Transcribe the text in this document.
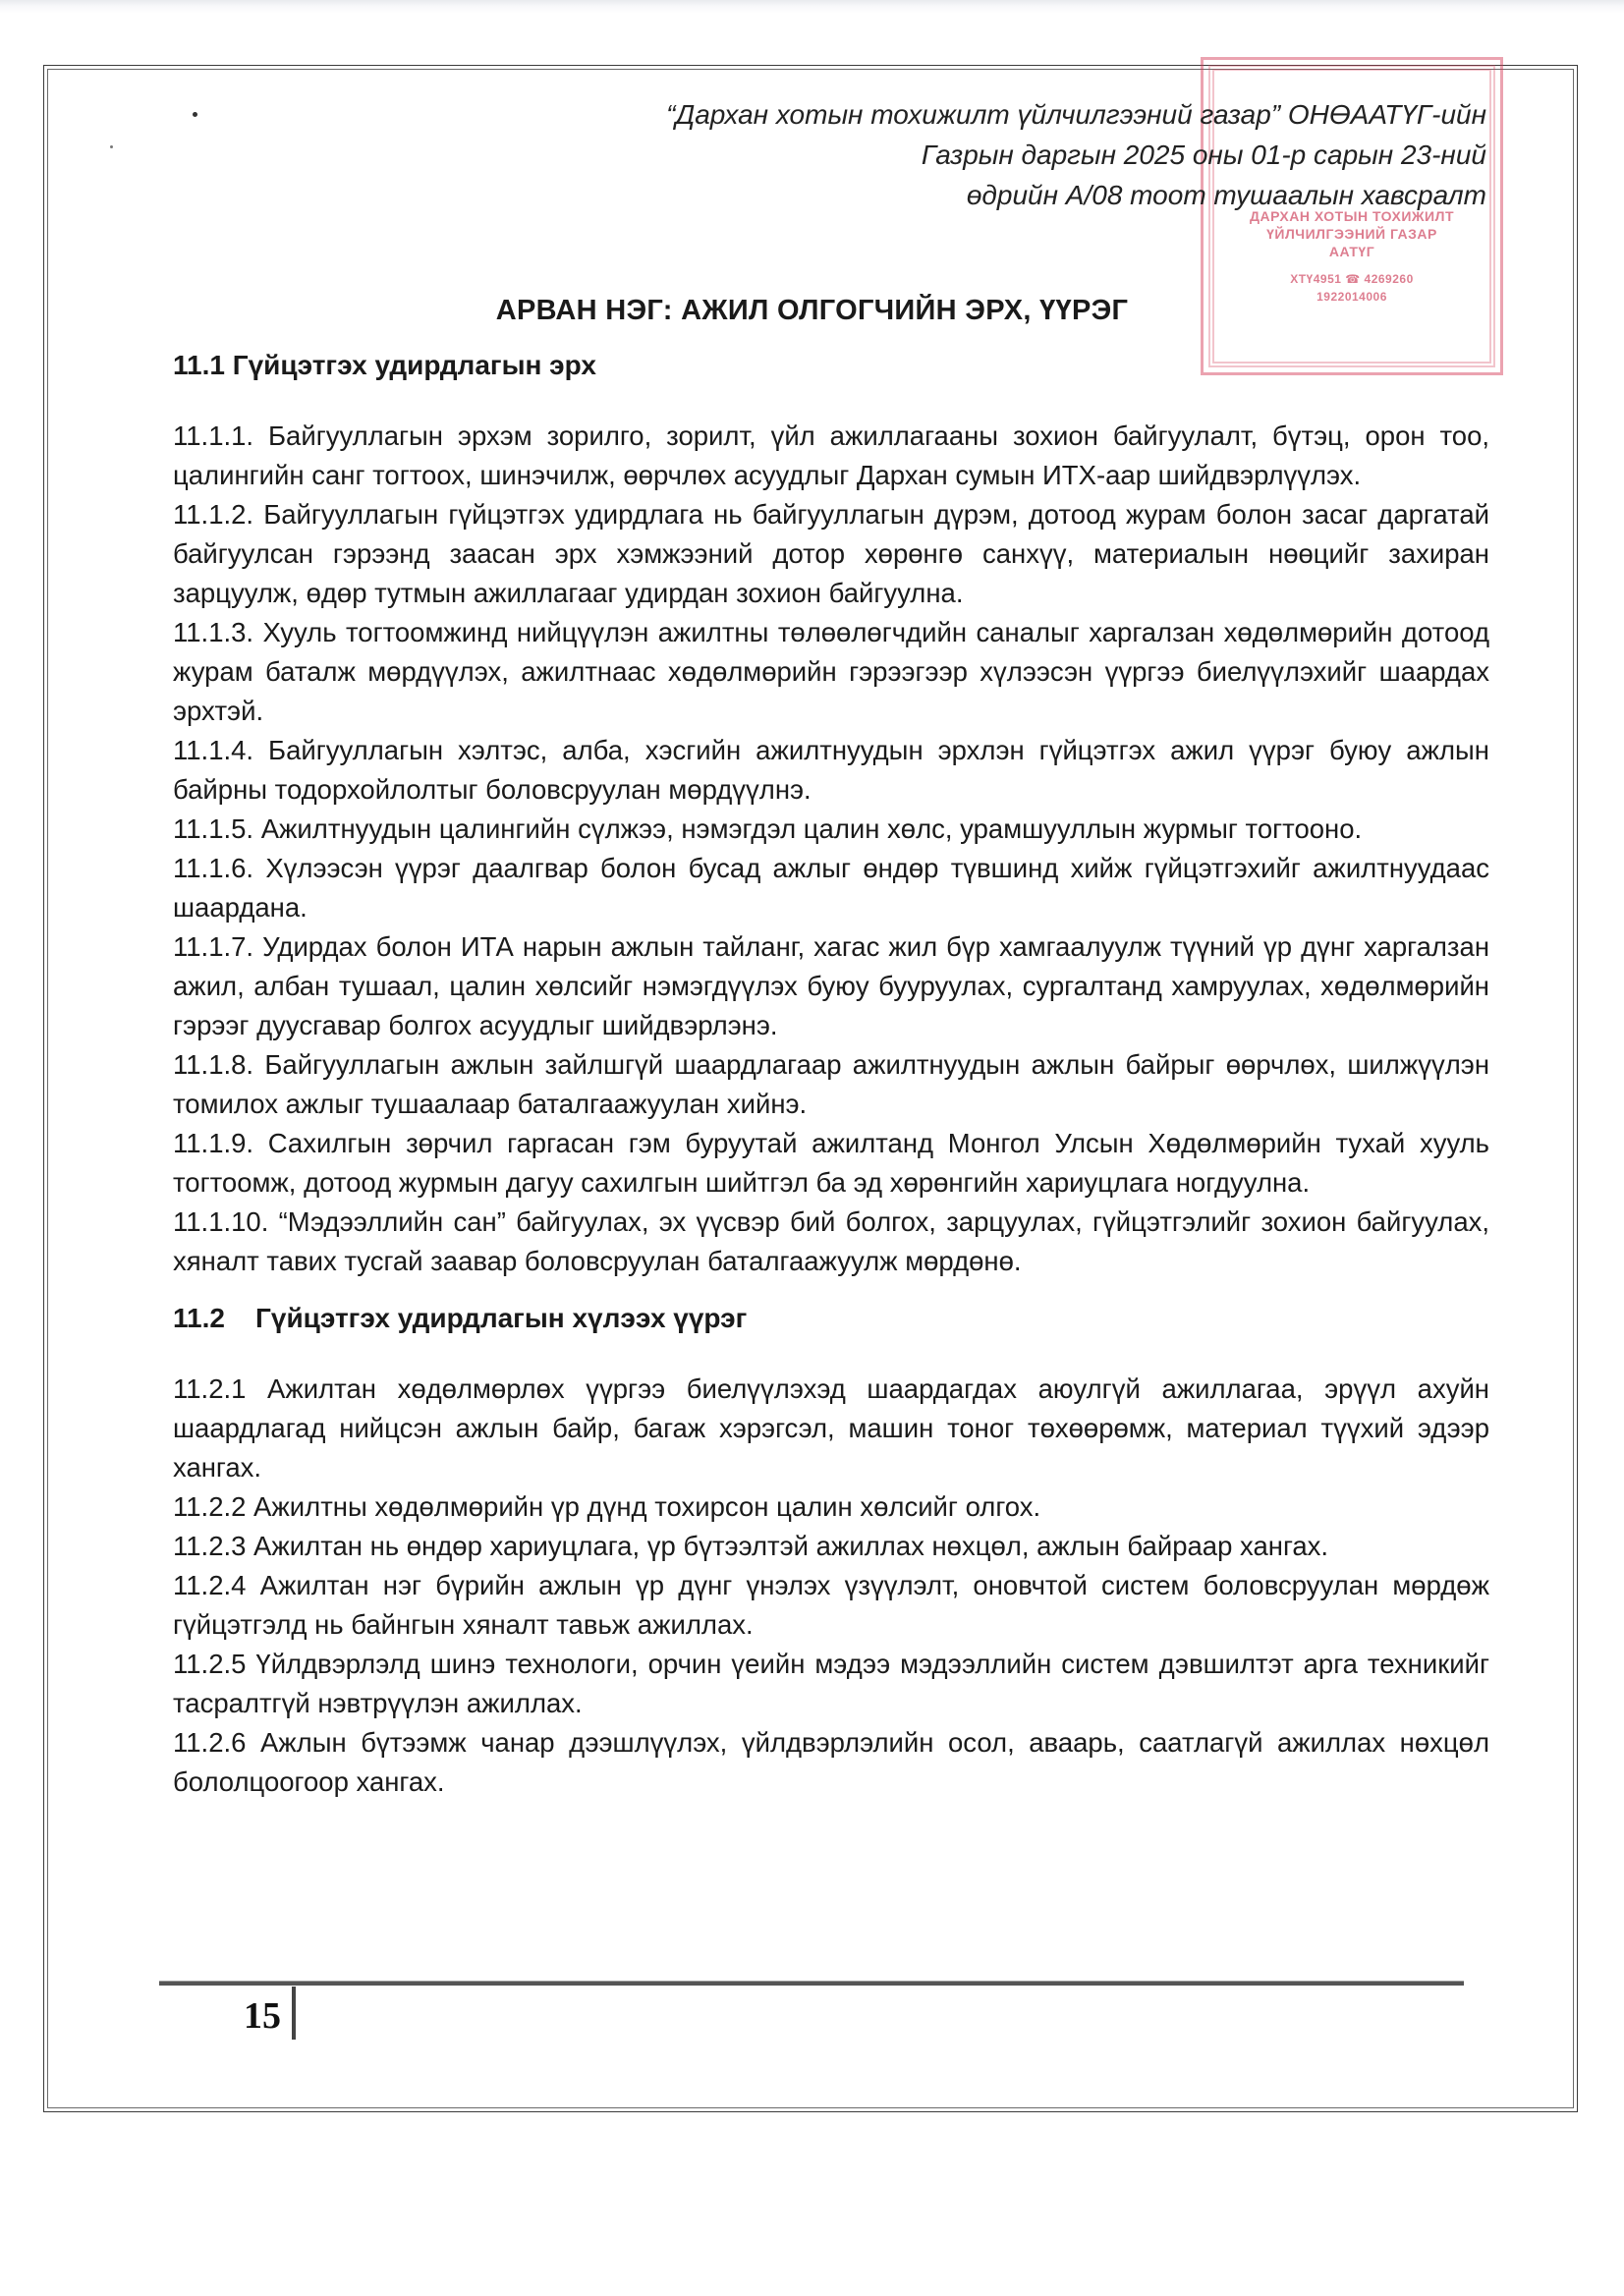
ДАРХАН ХОТЫН ТОХИЖИЛТ
ҮЙЛЧИЛГЭЭНИЙ ГАЗАР
ААТҮГ
ХТҮ4951 ☎ 4269260
1922014006
“Дархан хотын тохижилт үйлчилгээний газар” ОНӨААТҮГ-ийн
Газрын даргын 2025 оны 01-р сарын 23-ний
өдрийн А/08 тоот тушаалын хавсралт
АРВАН НЭГ: АЖИЛ ОЛГОГЧИЙН ЭРХ, ҮҮРЭГ
11.1 Гүйцэтгэх удирдлагын эрх

11.1.1. Байгууллагын эрхэм зорилго, зорилт, үйл ажиллагааны зохион байгуулалт, бүтэц, орон тоо, цалингийн санг тогтоох, шинэчилж, өөрчлөх асуудлыг Дархан сумын ИТХ-аар шийдвэрлүүлэх.

11.1.2. Байгууллагын гүйцэтгэх удирдлага нь байгууллагын дүрэм, дотоод журам болон засаг даргатай байгуулсан гэрээнд заасан эрх хэмжээний дотор хөрөнгө санхүү, материалын нөөцийг захиран зарцуулж, өдөр тутмын ажиллагааг удирдан зохион байгуулна.

11.1.3. Хууль тогтоомжинд нийцүүлэн ажилтны төлөөлөгчдийн саналыг харгалзан хөдөлмөрийн дотоод журам баталж мөрдүүлэх, ажилтнаас хөдөлмөрийн гэрээгээр хүлээсэн үүргээ биелүүлэхийг шаардах эрхтэй.

11.1.4. Байгууллагын хэлтэс, алба, хэсгийн ажилтнуудын эрхлэн гүйцэтгэх ажил үүрэг буюу ажлын байрны тодорхойлолтыг боловсруулан мөрдүүлнэ.

11.1.5. Ажилтнуудын цалингийн сүлжээ, нэмэгдэл цалин хөлс, урамшууллын журмыг тогтооно.

11.1.6. Хүлээсэн үүрэг даалгвар болон бусад ажлыг өндөр түвшинд хийж гүйцэтгэхийг ажилтнуудаас шаардана.

11.1.7. Удирдах болон ИТА нарын ажлын тайланг, хагас жил бүр хамгаалуулж түүний үр дүнг харгалзан ажил, албан тушаал, цалин хөлсийг нэмэгдүүлэх буюу бууруулах, сургалтанд хамруулах, хөдөлмөрийн гэрээг дуусгавар болгох асуудлыг шийдвэрлэнэ.

11.1.8. Байгууллагын ажлын зайлшгүй шаардлагаар ажилтнуудын ажлын байрыг өөрчлөх, шилжүүлэн томилох ажлыг тушаалаар баталгаажуулан хийнэ.

11.1.9. Сахилгын зөрчил гаргасан гэм буруутай ажилтанд Монгол Улсын Хөдөлмөрийн тухай хууль тогтоомж, дотоод журмын дагуу сахилгын шийтгэл ба эд хөрөнгийн хариуцлага ногдуулна.

11.1.10. “Мэдээллийн сан” байгуулах, эх үүсвэр бий болгох, зарцуулах, гүйцэтгэлийг зохион байгуулах, хяналт тавих тусгай заавар боловсруулан баталгаажуулж мөрдөнө.

11.2 Гүйцэтгэх удирдлагын хүлээх үүрэг

11.2.1 Ажилтан хөдөлмөрлөх үүргээ биелүүлэхэд шаардагдах аюулгүй ажиллагаа, эрүүл ахуйн шаардлагад нийцсэн ажлын байр, багаж хэрэгсэл, машин тоног төхөөрөмж, материал түүхий эдээр хангах.

11.2.2 Ажилтны хөдөлмөрийн үр дүнд тохирсон цалин хөлсийг олгох.

11.2.3 Ажилтан нь өндөр хариуцлага, үр бүтээлтэй ажиллах нөхцөл, ажлын байраар хангах.

11.2.4 Ажилтан нэг бүрийн ажлын үр дүнг үнэлэх үзүүлэлт, оновчтой систем боловсруулан мөрдөж гүйцэтгэлд нь байнгын хяналт тавьж ажиллах.

11.2.5 Үйлдвэрлэлд шинэ технологи, орчин үеийн мэдээ мэдээллийн систем дэвшилтэт арга техникийг тасралтгүй нэвтрүүлэн ажиллах.

11.2.6 Ажлын бүтээмж чанар дээшлүүлэх, үйлдвэрлэлийн осол, аваарь, саатлагүй ажиллах нөхцөл бололцоогоор хангах.

15
